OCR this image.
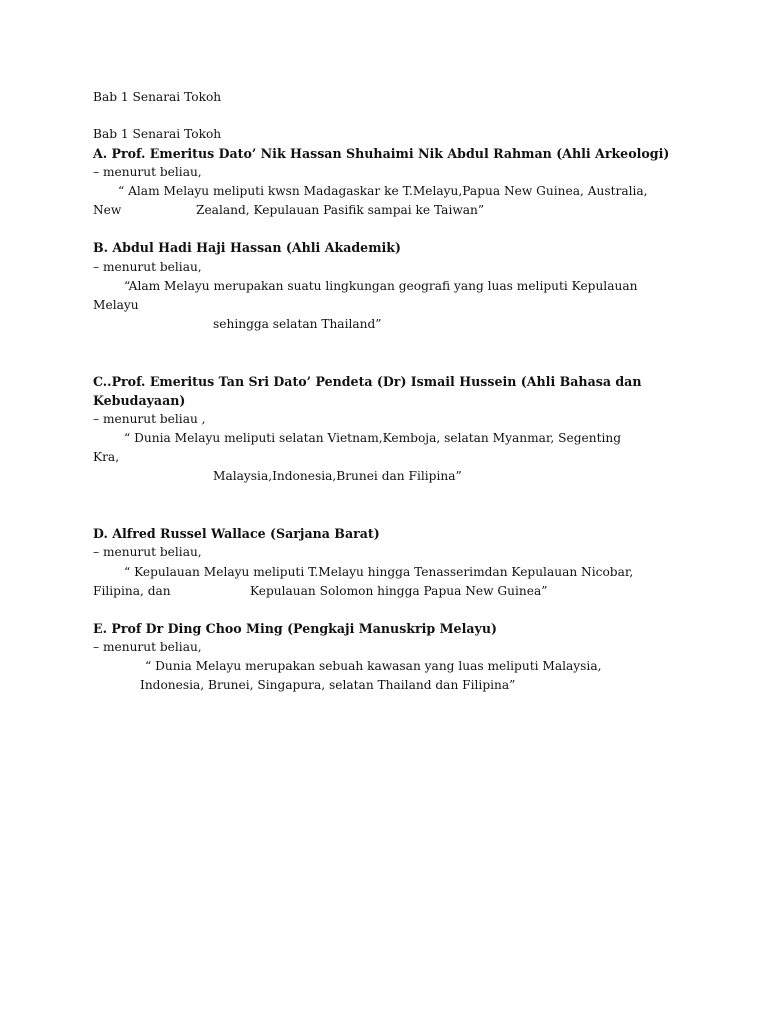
Bab 1 Senarai Tokoh

Bab 1 Senarai Tokoh

A. Prof. Emeritus Dato’ Nik Hassan Shuhaimi Nik Abdul Rahman (Ahli Arkeologi)

– menurut beliau,

“ Alam Melayu meliputi kwsn Madagaskar ke T.Melayu,Papua New Guinea, Australia,

New	Zealand, Kepulauan Pasifik sampai ke Taiwan”

B. Abdul Hadi Haji Hassan (Ahli Akademik)

– menurut beliau,

“Alam Melayu merupakan suatu lingkungan geografi yang luas meliputi Kepulauan

Melayu

sehingga selatan Thailand”

C..Prof. Emeritus Tan Sri Dato’ Pendeta (Dr) Ismail Hussein (Ahli Bahasa dan

Kebudayaan)

– menurut beliau ,

“ Dunia Melayu meliputi selatan Vietnam,Kemboja, selatan Myanmar, Segenting

Kra,

Malaysia,Indonesia,Brunei dan Filipina”

D. Alfred Russel Wallace (Sarjana Barat)

– menurut beliau,

“ Kepulauan Melayu meliputi T.Melayu hingga Tenasserimdan Kepulauan Nicobar,

Filipina, dan	Kepulauan Solomon hingga Papua New Guinea”

E. Prof Dr Ding Choo Ming (Pengkaji Manuskrip Melayu)

– menurut beliau,

“ Dunia Melayu merupakan sebuah kawasan yang luas meliputi Malaysia,

Indonesia, Brunei, Singapura, selatan Thailand dan Filipina”
